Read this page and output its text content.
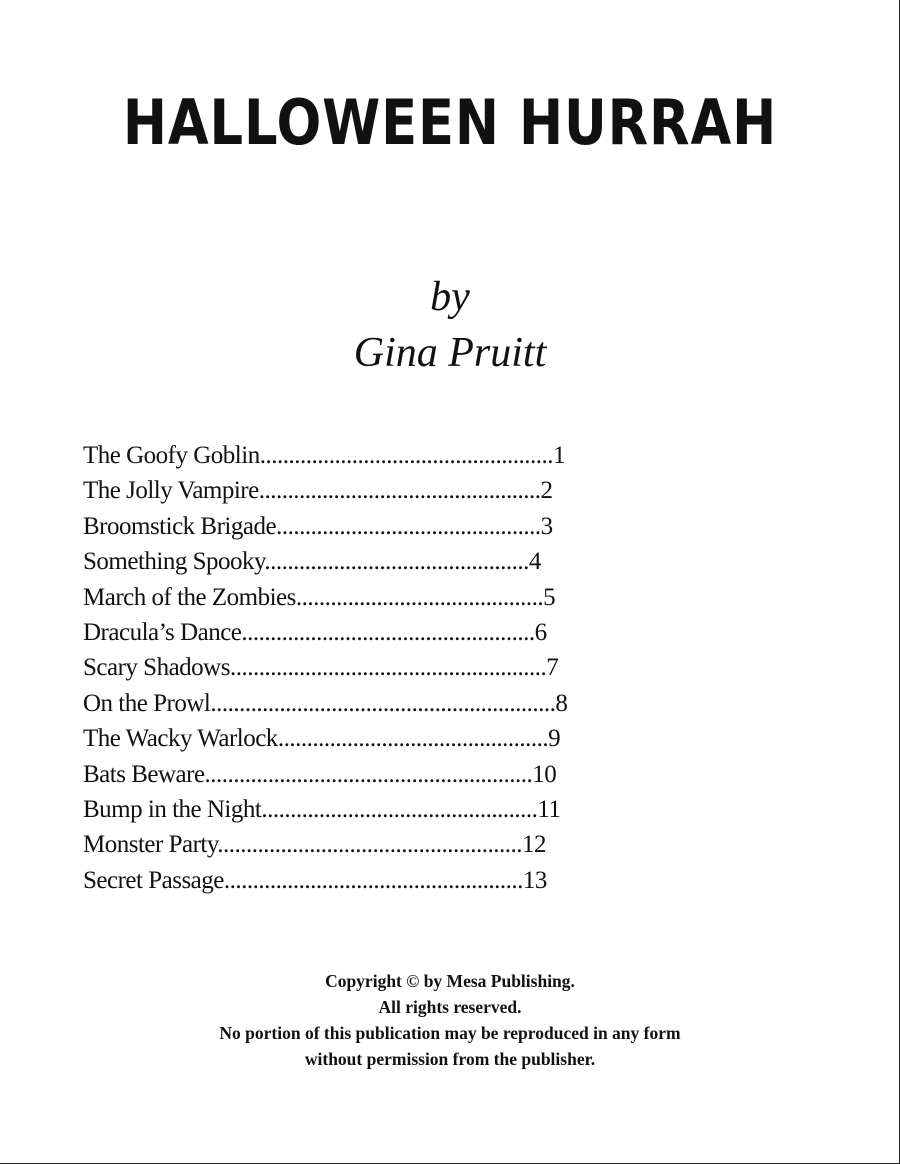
HALLOWEEN HURRAH
by
Gina Pruitt
The Goofy Goblin...................................................1
The Jolly Vampire.................................................2
Broomstick Brigade..............................................3
Something Spooky..............................................4
March of the Zombies...........................................5
Dracula’s Dance...................................................6
Scary Shadows.......................................................7
On the Prowl............................................................8
The Wacky Warlock...............................................9
Bats Beware.........................................................10
Bump in the Night................................................11
Monster Party.....................................................12
Secret Passage....................................................13
Copyright © by Mesa Publishing.
All rights reserved.
No portion of this publication may be reproduced in any form
without permission from the publisher.
